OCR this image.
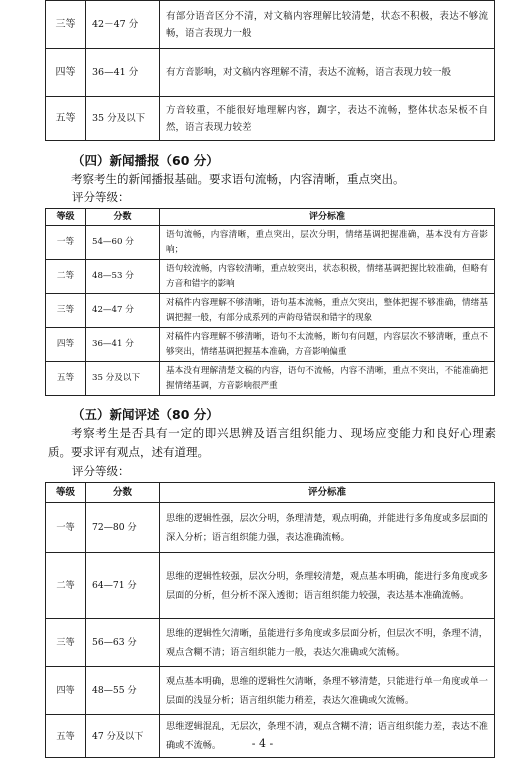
三等	42－47 分	有部分语音区分不清，对文稿内容理解比较清楚，状态不积极，表达不够流畅，语言表现力一般
四等	36—41 分	有方音影响，对文稿内容理解不清，表达不流畅，语言表现力较一般
五等	35 分及以下	方音较重，不能很好地理解内容，踟字，表达不流畅，整体状态呆板不自然，语言表现力较差
（四）新闻播报（60 分）
考察考生的新闻播报基础。要求语句流畅，内容清晰，重点突出。
评分等级：
等级	分数	评分标准
一等	54—60 分	语句流畅，内容清晰，重点突出，层次分明，情绪基调把握准确，基本没有方音影响；
二等	48—53 分	语句较流畅，内容较清晰，重点较突出，状态积极，情绪基调把握比较准确，但略有方音和错字的影响
三等	42—47 分	对稿件内容理解不够清晰，语句基本流畅，重点欠突出，整体把握不够准确，情绪基调把握一般，有部分成系列的声韵母错误和错字的现象
四等	36—41 分	对稿件内容理解不够清晰，语句不太流畅，断句有问题，内容层次不够清晰，重点不够突出，情绪基调把握基本准确，方音影响偏重
五等	35 分及以下	基本没有理解清楚文稿的内容，语句不流畅，内容不清晰，重点不突出，不能准确把握情绪基调，方音影响很严重
（五）新闻评述（80 分）
考察考生是否具有一定的即兴思辨及语言组织能力、现场应变能力和良好心理素质。要求评有观点，述有道理。
评分等级：
等级	分数	评分标准
一等	72—80 分	思维的逻辑性强，层次分明，条理清楚，观点明确，并能进行多角度或多层面的深入分析；语言组织能力强，表达准确流畅。
二等	64—71 分	思维的逻辑性较强，层次分明，条理较清楚，观点基本明确，能进行多角度或多层面的分析，但分析不深入透彻；语言组织能力较强，表达基本准确流畅。
三等	56—63 分	思维的逻辑性欠清晰，虽能进行多角度或多层面分析，但层次不明，条理不清，观点含糊不清；语言组织能力一般，表达欠准确或欠流畅。
四等	48—55 分	观点基本明确，思维的逻辑性欠清晰，条理不够清楚，只能进行单一角度或单一层面的浅显分析；语言组织能力稍差，表达欠准确或欠流畅。
五等	47 分及以下	思维逻辑混乱，无层次，条理不清，观点含糊不清；语言组织能力差，表达不准确或不流畅。	- 4 -
